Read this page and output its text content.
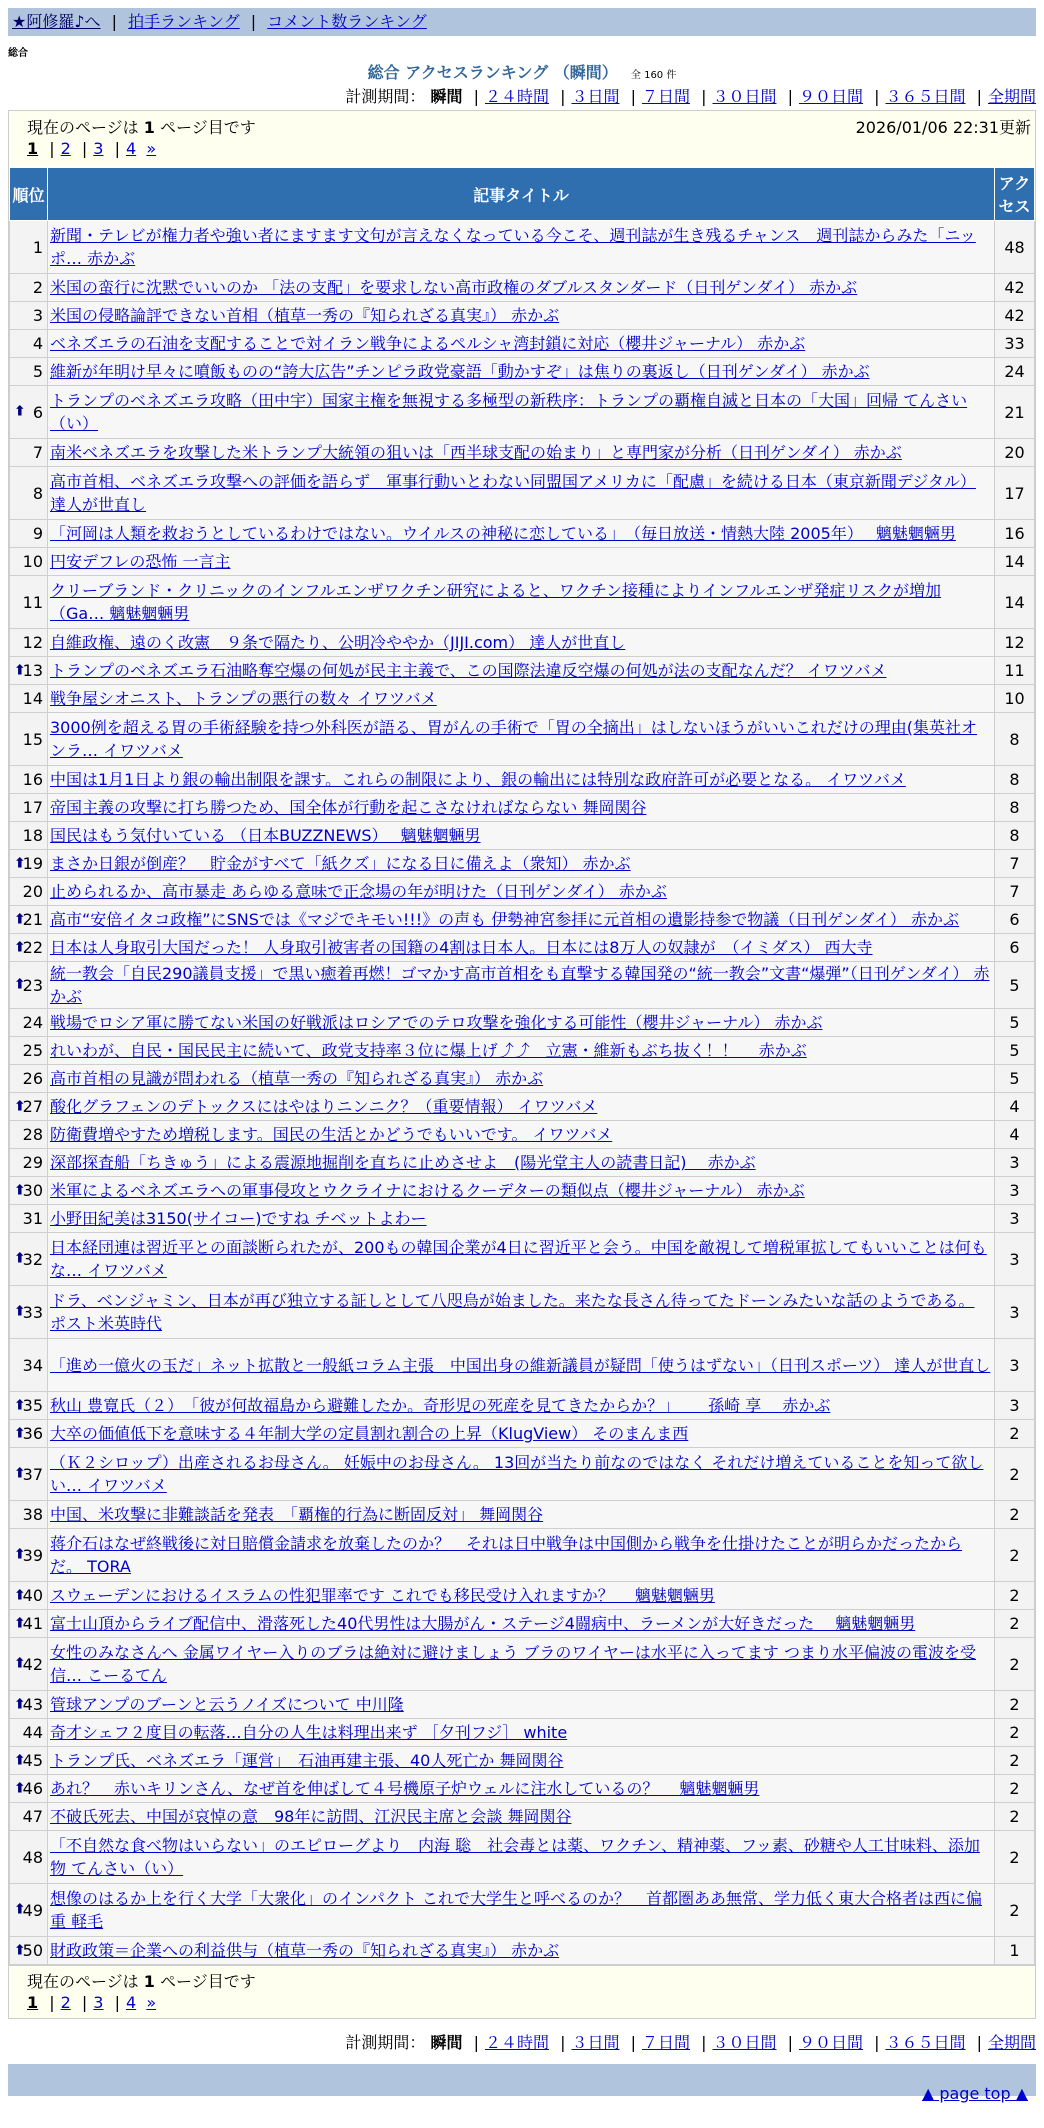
★阿修羅♪へ | 拍手ランキング | コメント数ランキング
総合
総合 アクセスランキング （瞬間） 全 160 件
計測期間： 瞬間 | ２４時間 | ３日間 | ７日間 | ３０日間 | ９０日間 | ３６５日間 | 全期間
現在のページは 1 ページ目です	2026/01/06 22:31更新
1 | 2 | 3 | 4 »
順位	記事タイトル	アクセス
1	新聞・テレビが権力者や強い者にますます文句が言えなくなっている今こそ、週刊誌が生き残るチャンス　週刊誌からみた「ニッポ… 赤かぶ	48
2	米国の蛮行に沈黙でいいのか 「法の支配」を要求しない高市政権のダブルスタンダード（日刊ゲンダイ） 赤かぶ	42
3	米国の侵略論評できない首相（植草一秀の『知られざる真実』） 赤かぶ	42
4	ベネズエラの石油を支配することで対イラン戦争によるペルシャ湾封鎖に対応（櫻井ジャーナル） 赤かぶ	33
5	維新が年明け早々に噴飯ものの“誇大広告”チンピラ政党豪語「動かすぞ」は焦りの裏返し（日刊ゲンダイ） 赤かぶ	24

⬆ 6	トランプのベネズエラ攻略（田中宇）国家主権を無視する多極型の新秩序：トランプの覇権自滅と日本の「大国」回帰 てんさい（い）	21
7	南米ベネズエラを攻撃した米トランプ大統領の狙いは「西半球支配の始まり」と専門家が分析（日刊ゲンダイ） 赤かぶ	20
8	高市首相、ベネズエラ攻撃への評価を語らず　軍事行動いとわない同盟国アメリカに「配慮」を続ける日本（東京新聞デジタル） 達人が世直し	17
9	「河岡は人類を救おうとしているわけではない。ウイルスの神秘に恋している」　（毎日放送・情熱大陸 2005年）　 魑魅魍魎男	16
10	円安デフレの恐怖 一言主	14
11	クリーブランド・クリニックのインフルエンザワクチン研究によると、ワクチン接種によりインフルエンザ発症リスクが増加（Ga… 魑魅魍魎男	14
12	自維政権、遠のく改憲　９条で隔たり、公明冷ややか（JIJI.com） 達人が世直し	12

⬆
13	トランプのベネズエラ石油略奪空爆の何処が民主主義で、この国際法違反空爆の何処が法の支配なんだ？ イワツバメ	11
14	戦争屋シオニスト、トランプの悪行の数々 イワツバメ	10
15	3000例を超える胃の手術経験を持つ外科医が語る、胃がんの手術で「胃の全摘出」はしないほうがいいこれだけの理由(集英社オンラ… イワツバメ	8
16	中国は1月1日より銀の輸出制限を課す。これらの制限により、銀の輸出には特別な政府許可が必要となる。 イワツバメ	8
17	帝国主義の攻撃に打ち勝つため、国全体が行動を起こさなければならない 舞岡関谷	8
18	国民はもう気付いている （日本BUZZNEWS）　 魑魅魍魎男	8

⬆
19	まさか日銀が倒産？　貯金がすべて「紙クズ」になる日に備えよ（衆知） 赤かぶ	7
20	止められるか、高市暴走 あらゆる意味で正念場の年が明けた（日刊ゲンダイ） 赤かぶ	7

⬆
21	高市“安倍イタコ政権”にSNSでは《マジでキモい!!!》の声も 伊勢神宮参拝に元首相の遺影持参で物議（日刊ゲンダイ） 赤かぶ	6

⬆
22	日本は人身取引大国だった！ 人身取引被害者の国籍の4割は日本人。日本には8万人の奴隷が　（イミダス） 西大寺	6

⬆
23	統一教会「自民290議員支援」で黒い癒着再燃！ゴマかす高市首相をも直撃する韓国発の“統一教会”文書“爆弾”（日刊ゲンダイ） 赤かぶ	5
24	戦場でロシア軍に勝てない米国の好戦派はロシアでのテロ攻撃を強化する可能性（櫻井ジャーナル） 赤かぶ	5
25	れいわが、自民・国民民主に続いて、政党支持率３位に爆上げ⤴⤴　立憲・維新もぶち抜く！！　 赤かぶ	5
26	高市首相の見識が問われる（植草一秀の『知られざる真実』） 赤かぶ	5

⬆
27	酸化グラフェンのデトックスにはやはりニンニク？（重要情報） イワツバメ	4
28	防衛費増やすため増税します。国民の生活とかどうでもいいです。 イワツバメ	4
29	深部探査船「ちきゅう」による震源地掘削を直ちに止めさせよ　(陽光堂主人の読書日記)　 赤かぶ	3

⬆
30	米軍によるベネズエラへの軍事侵攻とウクライナにおけるクーデターの類似点（櫻井ジャーナル） 赤かぶ	3
31	小野田紀美は3150(サイコー)ですね チベットよわー	3

⬆
32	日本経団連は習近平との面談断られたが、200もの韓国企業が4日に習近平と会う。中国を敵視して増税軍拡してもいいことは何もな… イワツバメ	3

⬆
33	ドラ、ベンジャミン、日本が再び独立する証しとして八咫烏が始ました。来たな長さん待ってたドーンみたいな話のようである。 ポスト米英時代	3
34	「進め一億火の玉だ」ネット拡散と一般紙コラム主張　中国出身の維新議員が疑問「使うはずない」（日刊スポーツ） 達人が世直し	3

⬆
35	秋山 豊寛氏（２）　「彼が何故福島から避難したか。奇形児の死産を見てきたからか？」　　 孫崎 享　 赤かぶ	3

⬆
36	大卒の価値低下を意味する４年制大学の定員割れ割合の上昇（KlugView） そのまんま西	2

⬆
37	（Ｋ２シロップ）出産されるお母さん。 妊娠中のお母さん。 13回が当たり前なのではなく それだけ増えていることを知って欲しい… イワツバメ	2
38	中国、米攻撃に非難談話を発表　「覇権的行為に断固反対」 舞岡関谷	2

⬆
39	蒋介石はなぜ終戦後に対日賠償金請求を放棄したのか？　それは日中戦争は中国側から戦争を仕掛けたことが明らかだったからだ。 TORA	2

⬆
40	スウェーデンにおけるイスラムの性犯罪率です これでも移民受け入れますか？　 魑魅魍魎男	2

⬆
41	富士山頂からライブ配信中、滑落死した40代男性は大腸がん・ステージ4闘病中、ラーメンが大好きだった　 魑魅魍魎男	2

⬆
42	女性のみなさんへ 金属ワイヤー入りのブラは絶対に避けましょう ブラのワイヤーは水平に入ってます つまり水平偏波の電波を受信… こーるてん	2

⬆
43	管球アンプのブーンと云うノイズについて 中川隆	2
44	奇才シェフ２度目の転落…自分の人生は料理出来ず ［夕刊フジ］ white	2

⬆
45	トランプ氏、ベネズエラ「運営」　石油再建主張、40人死亡か 舞岡関谷	2

⬆
46	あれ？　赤いキリンさん、なぜ首を伸ばして４号機原子炉ウェルに注水しているの？　 魑魅魍魎男	2
47	不破氏死去、中国が哀悼の意　98年に訪問、江沢民主席と会談 舞岡関谷	2
48	「不自然な食べ物はいらない」のエピローグより　内海 聡　社会毒とは薬、ワクチン、精神薬、フッ素、砂糖や人工甘味料、添加物 てんさい（い）	2

⬆
49	想像のはるか上を行く大学「大衆化」のインパクト これで大学生と呼べるのか？　首都圏ああ無常、学力低く東大合格者は西に偏重 軽毛	2

⬆
50	財政政策＝企業への利益供与（植草一秀の『知られざる真実』） 赤かぶ	1
現在のページは 1 ページ目です
1 | 2 | 3 | 4 »
計測期間： 瞬間 | ２４時間 | ３日間 | ７日間 | ３０日間 | ９０日間 | ３６５日間 | 全期間
▲ page top ▲
